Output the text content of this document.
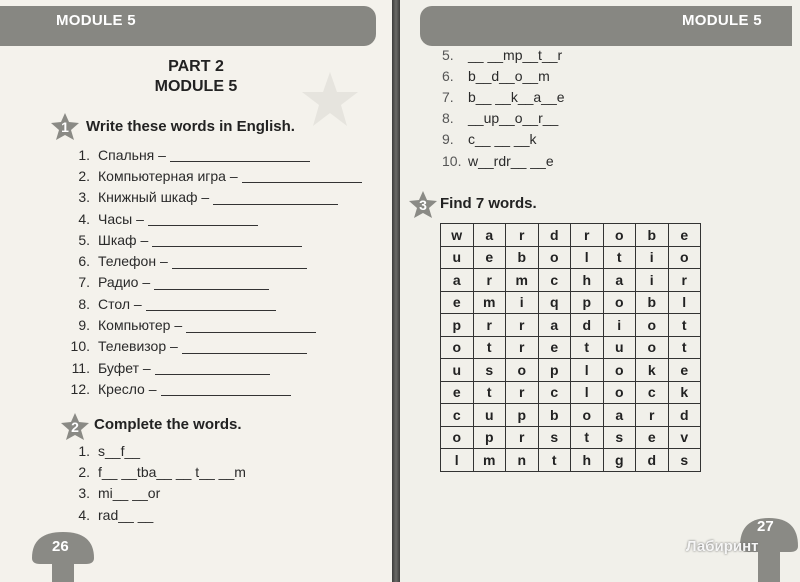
MODULE 5
PART 2
MODULE 5
1	Write these words in English.
1. Спальня –
2. Компьютерная игра –
3. Книжный шкаф –
4. Часы –
5. Шкаф –
6. Телефон –
7. Радио –
8. Стол –
9. Компьютер –
10. Телевизор –
11. Буфет –
12. Кресло –
2	Complete the words.
1. s__f__
2. f__ __tba__ __ t__ __m
3. mi__ __or
4. rad__ __
26
MODULE 5
5.	__ __mp__t__r
6.	b__d__o__m
7.	b__ __k__a__e
8.	__up__o__r__
9.	c__ __ __k
10. w__rdr__ __e
3 Find 7 words.
w	a	r	d	r	o	b	e
u	e	b	o	l	t	i	o
a	r	m	c	h	a	i	r
e	m	i	q	p	o	b	l
p	r	r	a	d	i	o	t
o	t	r	e	t	u	o	t
u	s	o	p	l	o	k	e
e	t	r	c	l	o	c	k
c	u	p	b	o	a	r	d
o	p	r	s	t	s	e	v
l	m	n	t	h	g	d	s
27
Лабиринт
